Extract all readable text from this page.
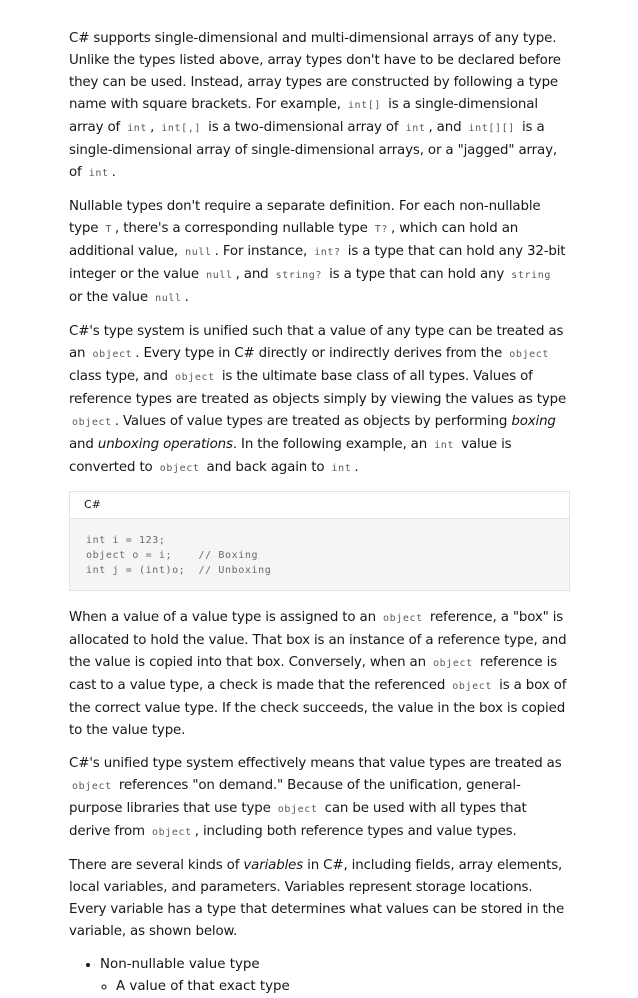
C# supports single-dimensional and multi-dimensional arrays of any type. Unlike the types listed above, array types don't have to be declared before they can be used. Instead, array types are constructed by following a type name with square brackets. For example, int[] is a single-dimensional array of int , int[,] is a two-dimensional array of int , and int[][] is a single-dimensional array of single-dimensional arrays, or a "jagged" array, of int .

Nullable types don't require a separate definition. For each non-nullable type T , there's a corresponding nullable type T? , which can hold an additional value, null . For instance, int? is a type that can hold any 32-bit integer or the value null , and string? is a type that can hold any string or the value null .

C#'s type system is unified such that a value of any type can be treated as an object . Every type in C# directly or indirectly derives from the object class type, and object is the ultimate base class of all types. Values of reference types are treated as objects simply by viewing the values as type object . Values of value types are treated as objects by performing boxing and unboxing operations. In the following example, an int value is converted to object and back again to int .

C#
int i = 123;
object o = i;    // Boxing
int j = (int)o;  // Unboxing

When a value of a value type is assigned to an object reference, a "box" is allocated to hold the value. That box is an instance of a reference type, and the value is copied into that box. Conversely, when an object reference is cast to a value type, a check is made that the referenced object is a box of the correct value type. If the check succeeds, the value in the box is copied to the value type.

C#'s unified type system effectively means that value types are treated as object references "on demand." Because of the unification, general-purpose libraries that use type object can be used with all types that derive from object , including both reference types and value types.

There are several kinds of variables in C#, including fields, array elements, local variables, and parameters. Variables represent storage locations. Every variable has a type that determines what values can be stored in the variable, as shown below.

• Non-nullable value type
◦ A value of that exact type
